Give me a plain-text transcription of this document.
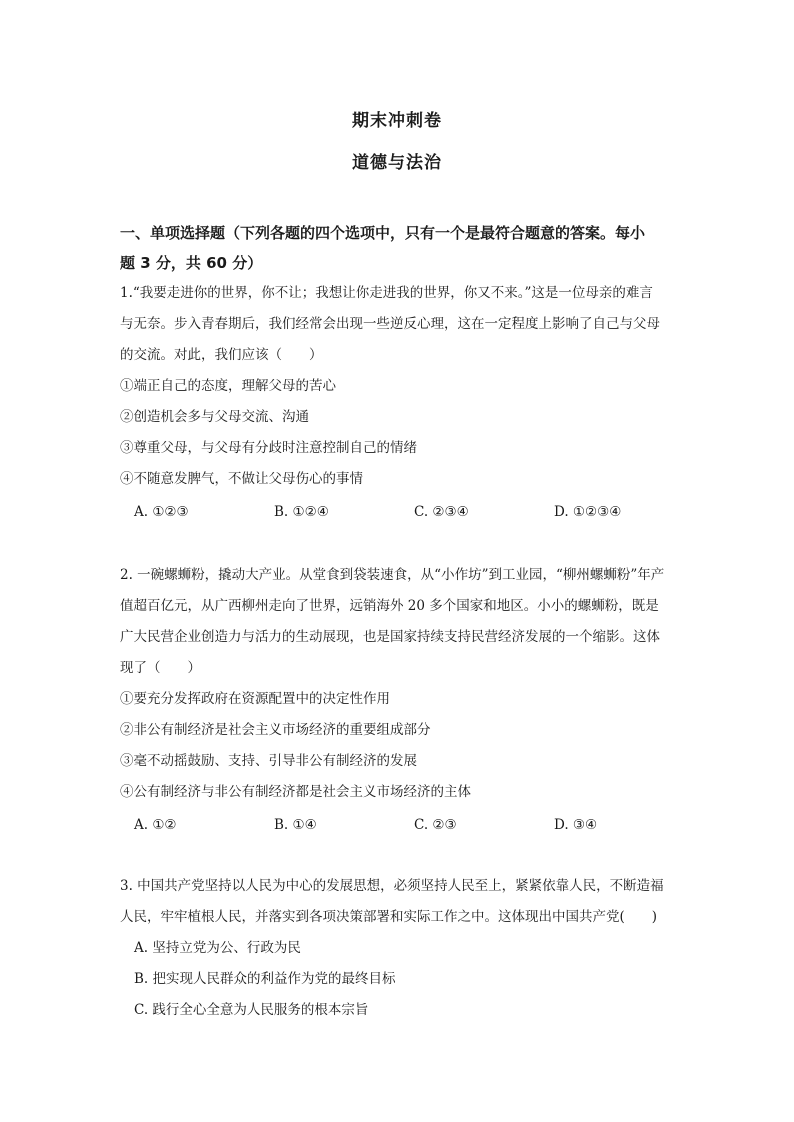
期末冲刺卷
道德与法治

一、单项选择题（下列各题的四个选项中，只有一个是最符合题意的答案。每小

题 3 分，共 60 分）

1.“我要走进你的世界，你不让；我想让你走进我的世界，你又不来。”这是一位母亲的难言

与无奈。步入青春期后，我们经常会出现一些逆反心理，这在一定程度上影响了自己与父母

的交流。对此，我们应该（　　）

①端正自己的态度，理解父母的苦心

②创造机会多与父母交流、沟通

③尊重父母，与父母有分歧时注意控制自己的情绪

④不随意发脾气，不做让父母伤心的事情

A. ①②③	B. ①②④	C. ②③④	D. ①②③④

2. 一碗螺蛳粉，撬动大产业。从堂食到袋装速食，从“小作坊”到工业园，“柳州螺蛳粉”年产

值超百亿元，从广西柳州走向了世界，远销海外 20 多个国家和地区。小小的螺蛳粉，既是

广大民营企业创造力与活力的生动展现，也是国家持续支持民营经济发展的一个缩影。这体

现了（　　）

①要充分发挥政府在资源配置中的决定性作用

②非公有制经济是社会主义市场经济的重要组成部分

③毫不动摇鼓励、支持、引导非公有制经济的发展

④公有制经济与非公有制经济都是社会主义市场经济的主体

A. ①②	B. ①④	C. ②③	D. ③④

3. 中国共产党坚持以人民为中心的发展思想，必须坚持人民至上，紧紧依靠人民，不断造福

人民，牢牢植根人民，并落实到各项决策部署和实际工作之中。这体现出中国共产党(　　)

A. 坚持立党为公、行政为民

B. 把实现人民群众的利益作为党的最终目标

C. 践行全心全意为人民服务的根本宗旨
